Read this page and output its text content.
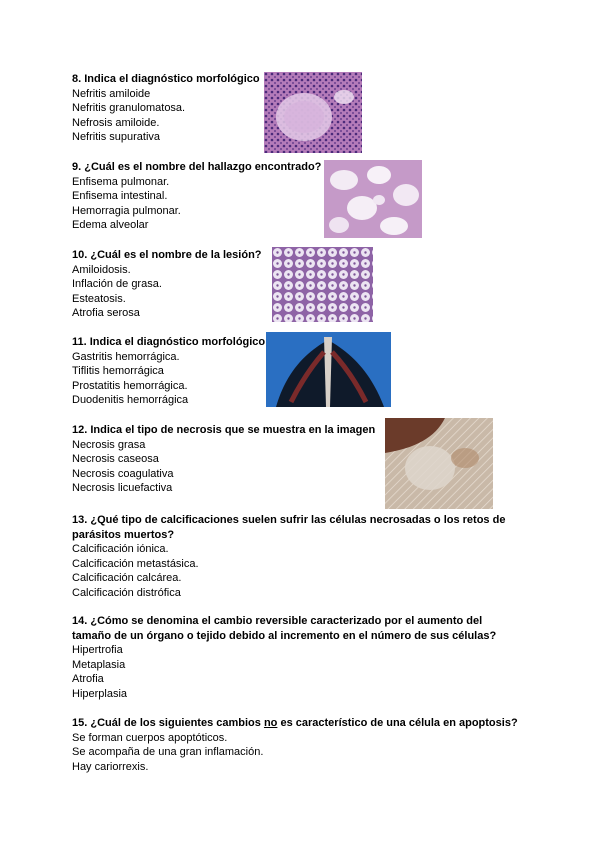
8. Indica el diagnóstico morfológico

Nefritis amiloide

Nefritis granulomatosa.

Nefrosis amiloide.

Nefritis supurativa

9. ¿Cuál es el nombre del hallazgo encontrado?

Enfisema pulmonar.

Enfisema intestinal.

Hemorragia pulmonar.

Edema alveolar

10. ¿Cuál es el nombre de la lesión?

Amiloidosis.

Inflación de grasa.

Esteatosis.

Atrofia serosa

11. Indica el diagnóstico morfológico

Gastritis hemorrágica.

Tiflitis hemorrágica

Prostatitis hemorrágica.

Duodenitis hemorrágica

12. Indica el tipo de necrosis que se muestra en la imagen

Necrosis grasa

Necrosis caseosa

Necrosis coagulativa

Necrosis licuefactiva

13. ¿Qué tipo de calcificaciones suelen sufrir las células necrosadas o los retos de

parásitos muertos?

Calcificación iónica.

Calcificación metastásica.

Calcificación calcárea.

Calcificación distrófica

14. ¿Cómo se denomina el cambio reversible caracterizado por el aumento del

tamaño de un órgano o tejido debido al incremento en el número de sus células?

Hipertrofia

Metaplasia

Atrofia

Hiperplasia

15. ¿Cuál de los siguientes cambios no es característico de una célula en apoptosis?

Se forman cuerpos apoptóticos.

Se acompaña de una gran inflamación.

Hay cariorrexis.
